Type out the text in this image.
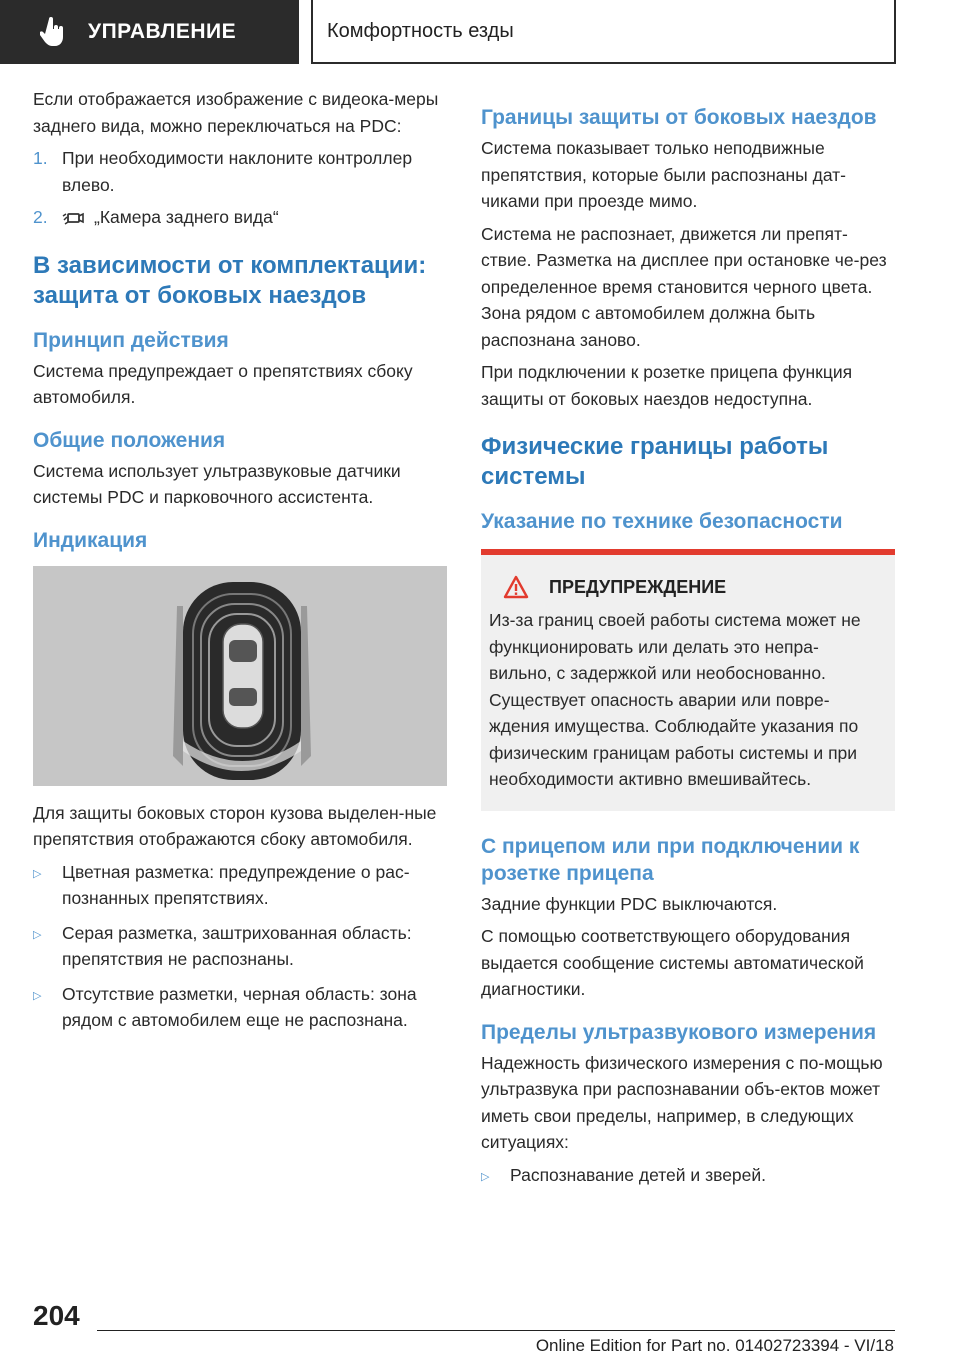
УПРАВЛЕНИЕ	Комфортность езды

Если отображается изображение с видеока-меры заднего вида, можно переключаться на PDC:

1. При необходимости наклоните контроллер влево.
2.	„Камера заднего вида“
В зависимости от комплектации: защита от боковых наездов
Принцип действия

Система предупреждает о препятствиях сбоку автомобиля.

Общие положения

Система использует ультразвуковые датчики системы PDC и парковочного ассистента.

Индикация

Для защиты боковых сторон кузова выделен-ные препятствия отображаются сбоку автомобиля.

▷	Цветная разметка: предупреждение о рас-познанных препятствиях.
▷	Серая разметка, заштрихованная область: препятствия не распознаны.
▷	Отсутствие разметки, черная область: зона рядом с автомобилем еще не распознана.
Границы защиты от боковых наездов

Система показывает только неподвижные препятствия, которые были распознаны дат-чиками при проезде мимо.

Система не распознает, движется ли препят-ствие. Разметка на дисплее при остановке че-рез определенное время становится черного цвета. Зона рядом с автомобилем должна быть распознана заново.

При подключении к розетке прицепа функция защиты от боковых наездов недоступна.

Физические границы работы системы
Указание по технике безопасности
ПРЕДУПРЕЖДЕНИЕ

Из-за границ своей работы система может не функционировать или делать это непра-вильно, с задержкой или необоснованно. Существует опасность аварии или повре-ждения имущества. Соблюдайте указания по физическим границам работы системы и при необходимости активно вмешивайтесь.

С прицепом или при подключении к розетке прицепа

Задние функции PDC выключаются.

С помощью соответствующего оборудования выдается сообщение системы автоматической диагностики.

Пределы ультразвукового измерения

Надежность физического измерения с по-мощью ультразвука при распознавании объ-ектов может иметь свои пределы, например, в следующих ситуациях:

▷	Распознавание детей и зверей.
204
Online Edition for Part no. 01402723394 - VI/18
